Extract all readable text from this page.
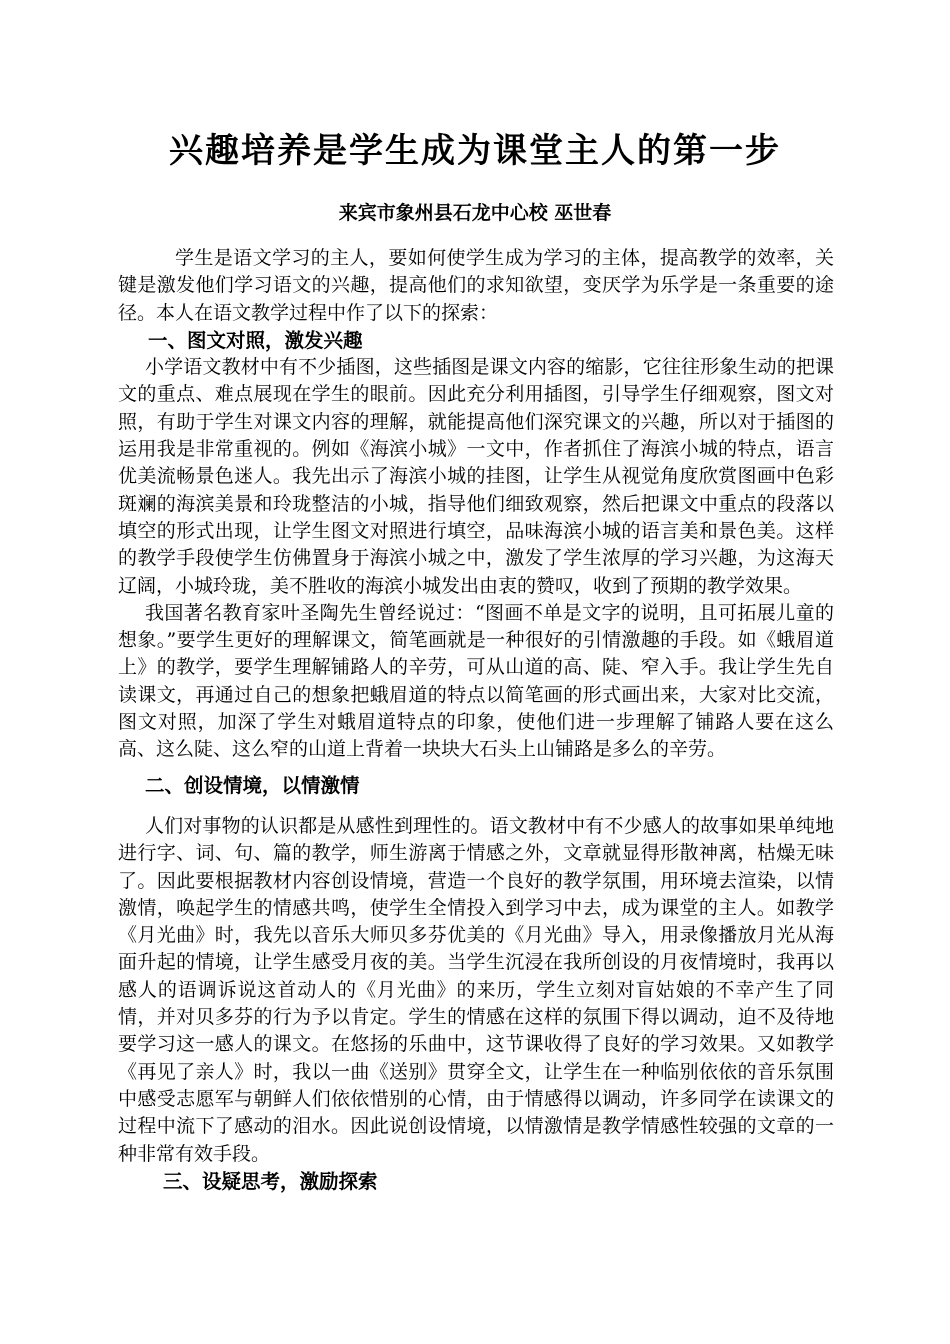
兴趣培养是学生成为课堂主人的第一步
来宾市象州县石龙中心校 巫世春

学生是语文学习的主人，要如何使学生成为学习的主体，提高教学的效率，关键是激发他们学习语文的兴趣，提高他们的求知欲望，变厌学为乐学是一条重要的途径。本人在语文教学过程中作了以下的探索：

一、图文对照，激发兴趣

小学语文教材中有不少插图，这些插图是课文内容的缩影，它往往形象生动的把课文的重点、难点展现在学生的眼前。因此充分利用插图，引导学生仔细观察，图文对照，有助于学生对课文内容的理解，就能提高他们深究课文的兴趣，所以对于插图的运用我是非常重视的。例如《海滨小城》一文中，作者抓住了海滨小城的特点，语言优美流畅景色迷人。我先出示了海滨小城的挂图，让学生从视觉角度欣赏图画中色彩斑斓的海滨美景和玲珑整洁的小城，指导他们细致观察，然后把课文中重点的段落以填空的形式出现，让学生图文对照进行填空，品味海滨小城的语言美和景色美。这样的教学手段使学生仿佛置身于海滨小城之中，激发了学生浓厚的学习兴趣，为这海天辽阔，小城玲珑，美不胜收的海滨小城发出由衷的赞叹，收到了预期的教学效果。

我国著名教育家叶圣陶先生曾经说过：“图画不单是文字的说明，且可拓展儿童的想象。”要学生更好的理解课文，简笔画就是一种很好的引情激趣的手段。如《蛾眉道上》的教学，要学生理解铺路人的辛劳，可从山道的高、陡、窄入手。我让学生先自读课文，再通过自己的想象把蛾眉道的特点以简笔画的形式画出来，大家对比交流，图文对照，加深了学生对蛾眉道特点的印象，使他们进一步理解了铺路人要在这么高、这么陡、这么窄的山道上背着一块块大石头上山铺路是多么的辛劳。

二、创设情境，以情激情

人们对事物的认识都是从感性到理性的。语文教材中有不少感人的故事如果单纯地进行字、词、句、篇的教学，师生游离于情感之外，文章就显得形散神离，枯燥无味了。因此要根据教材内容创设情境，营造一个良好的教学氛围，用环境去渲染，以情激情，唤起学生的情感共鸣，使学生全情投入到学习中去，成为课堂的主人。如教学《月光曲》时，我先以音乐大师贝多芬优美的《月光曲》导入，用录像播放月光从海面升起的情境，让学生感受月夜的美。当学生沉浸在我所创设的月夜情境时，我再以感人的语调诉说这首动人的《月光曲》的来历，学生立刻对盲姑娘的不幸产生了同情，并对贝多芬的行为予以肯定。学生的情感在这样的氛围下得以调动，迫不及待地要学习这一感人的课文。在悠扬的乐曲中，这节课收得了良好的学习效果。又如教学《再见了亲人》时，我以一曲《送别》贯穿全文，让学生在一种临别依依的音乐氛围中感受志愿军与朝鲜人们依依惜别的心情，由于情感得以调动，许多同学在读课文的过程中流下了感动的泪水。因此说创设情境，以情激情是教学情感性较强的文章的一种非常有效手段。

三、设疑思考，激励探索
